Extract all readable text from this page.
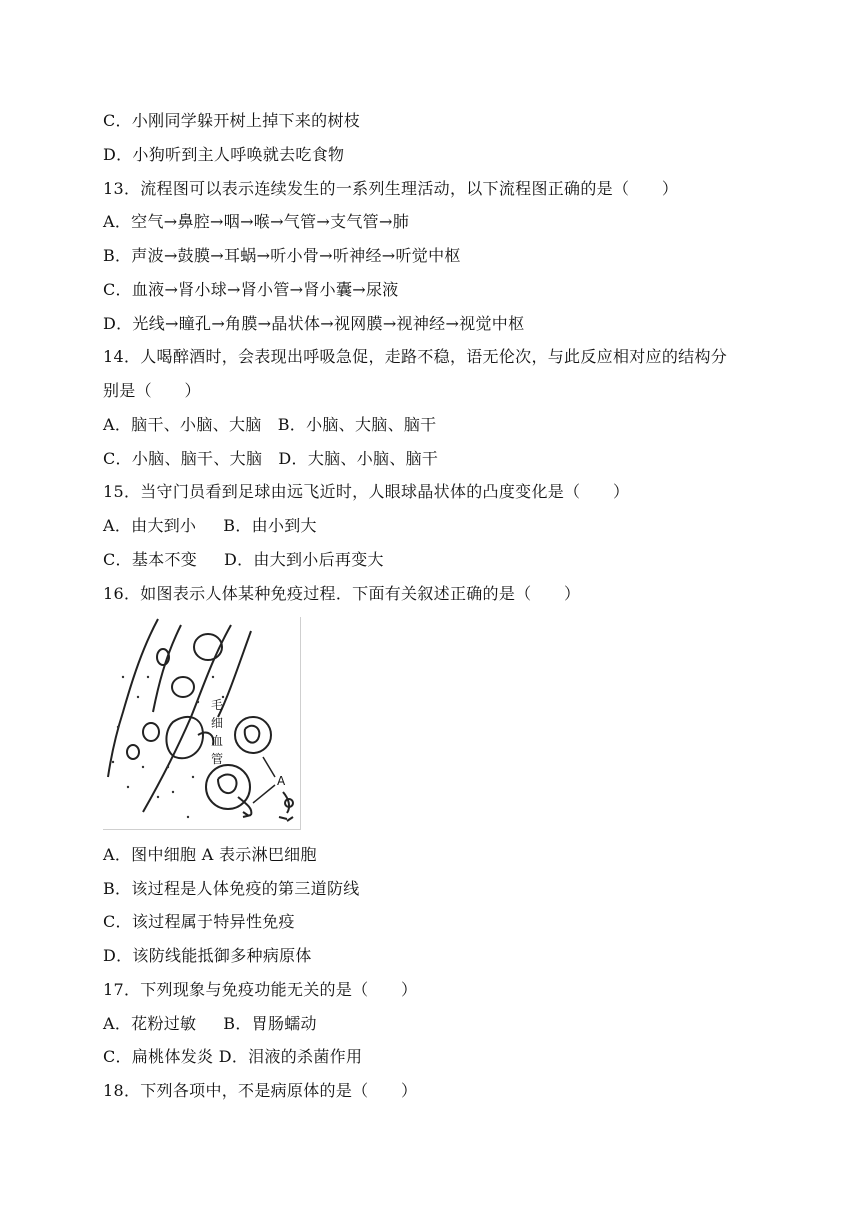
C．小刚同学躲开树上掉下来的树枝
D．小狗听到主人呼唤就去吃食物
13．流程图可以表示连续发生的一系列生理活动，以下流程图正确的是（　　）
A．空气→鼻腔→咽→喉→气管→支气管→肺
B．声波→鼓膜→耳蜗→听小骨→听神经→听觉中枢
C．血液→肾小球→肾小管→肾小囊→尿液
D．光线→瞳孔→角膜→晶状体→视网膜→视神经→视觉中枢
14．人喝醉酒时，会表现出呼吸急促，走路不稳，语无伦次，与此反应相对应的结构分
别是（　　）
A．脑干、小脑、大脑   B．小脑、大脑、脑干
C．小脑、脑干、大脑   D．大脑、小脑、脑干
15．当守门员看到足球由远飞近时，人眼球晶状体的凸度变化是（　　）
A．由大到小     B．由小到大
C．基本不变     D．由大到小后再变大
16．如图表示人体某种免疫过程．下面有关叙述正确的是（　　）
毛
细
血
管
A
A．图中细胞 A 表示淋巴细胞
B．该过程是人体免疫的第三道防线
C．该过程属于特异性免疫
D．该防线能抵御多种病原体
17．下列现象与免疫功能无关的是（　　）
A．花粉过敏     B．胃肠蠕动
C．扁桃体发炎 D．泪液的杀菌作用
18．下列各项中，不是病原体的是（　　）
